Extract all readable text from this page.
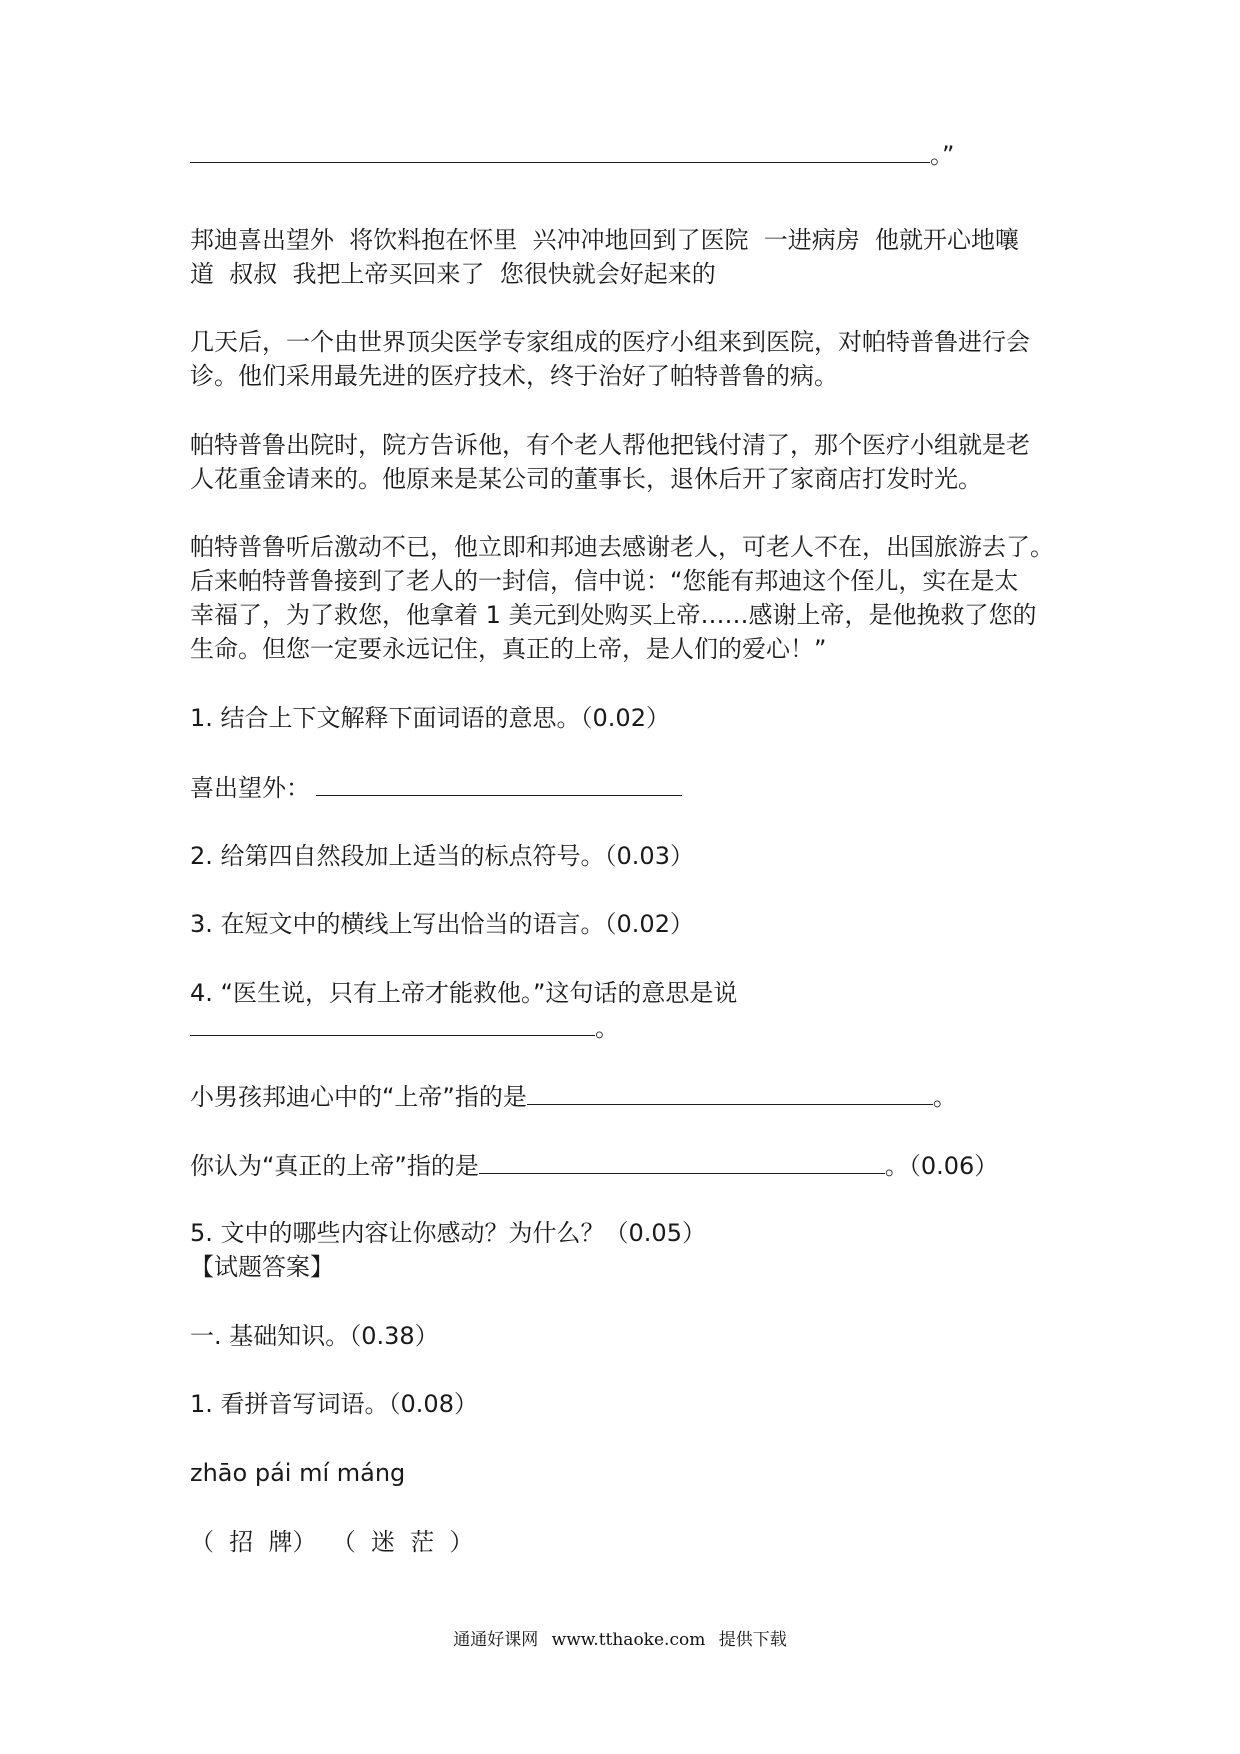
。”
邦迪喜出望外  将饮料抱在怀里  兴冲冲地回到了医院  一进病房  他就开心地嚷
道  叔叔  我把上帝买回来了  您很快就会好起来的
几天后，一个由世界顶尖医学专家组成的医疗小组来到医院，对帕特普鲁进行会
诊。他们采用最先进的医疗技术，终于治好了帕特普鲁的病。
帕特普鲁出院时，院方告诉他，有个老人帮他把钱付清了，那个医疗小组就是老
人花重金请来的。他原来是某公司的董事长，退休后开了家商店打发时光。
帕特普鲁听后激动不已，他立即和邦迪去感谢老人，可老人不在，出国旅游去了。
后来帕特普鲁接到了老人的一封信，信中说：“您能有邦迪这个侄儿，实在是太
幸福了，为了救您，他拿着 1 美元到处购买上帝……感谢上帝，是他挽救了您的
生命。但您一定要永远记住，真正的上帝，是人们的爱心！”
1. 结合上下文解释下面词语的意思。（0.02）
喜出望外：
2. 给第四自然段加上适当的标点符号。（0.03）
3. 在短文中的横线上写出恰当的语言。（0.02）
4. “医生说，只有上帝才能救他。”这句话的意思是说
。
小男孩邦迪心中的“上帝”指的是	。
你认为“真正的上帝”指的是	。（0.06）
5. 文中的哪些内容让你感动？为什么？（0.05）
【试题答案】
一. 基础知识。（0.38）
1. 看拼音写词语。（0.08）
zhāo pái mí máng
（  招  牌）  （  迷  茫  ）
通通好课网 www.tthaoke.com 提供下载
